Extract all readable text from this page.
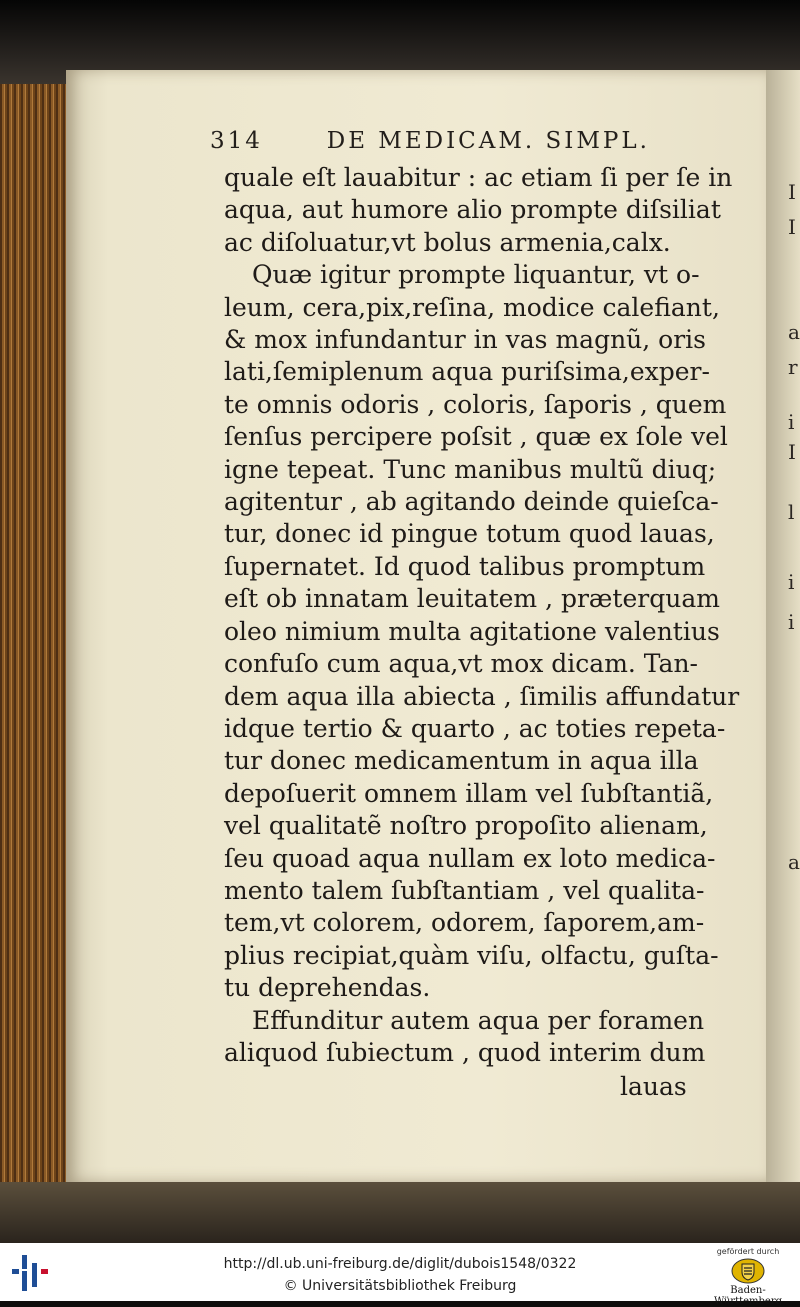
I
I
a
r
i
I
l
i
i
a
314	DE MEDICAM. SIMPL.
quale eſt lauabitur : ac etiam ſi per ſe in
aqua, aut humore alio prompte diſsiliat
ac diſoluatur,vt bolus armenia,calx.
Quæ igitur prompte liquantur, vt o-
leum, cera,pix,reſina, modice calefiant,
& mox infundantur in vas magnũ, oris
lati,ſemiplenum aqua puriſsima,exper-
te omnis odoris , coloris, ſaporis , quem
ſenſus percipere poſsit , quæ ex ſole vel
igne tepeat. Tunc manibus multũ diuq;
agitentur , ab agitando deinde quieſca-
tur, donec id pingue totum quod lauas,
ſupernatet. Id quod talibus promptum
eſt ob innatam leuitatem , præterquam
oleo nimium multa agitatione valentius
confuſo cum aqua,vt mox dicam. Tan-
dem aqua illa abiecta , ſimilis affundatur
idque tertio & quarto , ac toties repeta-
tur donec medicamentum in aqua illa
depoſuerit omnem illam vel ſubſtantiã,
vel qualitatẽ noſtro propoſito alienam,
ſeu quoad aqua nullam ex loto medica-
mento talem ſubſtantiam , vel qualita-
tem,vt colorem, odorem, ſaporem,am-
plius recipiat,quàm viſu, olfactu, guſta-
tu deprehendas.
Effunditur autem aqua per foramen
aliquod ſubiectum , quod interim dum
lauas
http://dl.ub.uni-freiburg.de/diglit/dubois1548/0322
© Universitätsbibliothek Freiburg
gefördert durch
Baden-Württemberg
